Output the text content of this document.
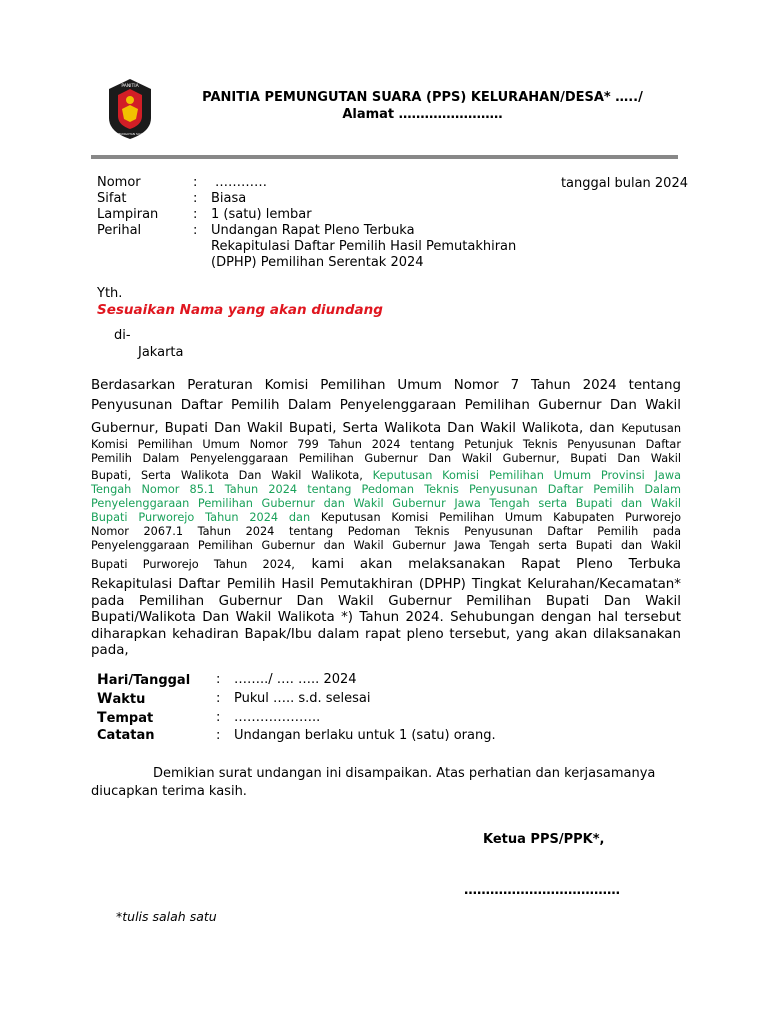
PANITIA
PEMUNGUTAN SUARA
PANITIA PEMUNGUTAN SUARA (PPS) KELURAHAN/DESA* …../
Alamat ……………………
Nomor	: …………	tanggal bulan 2024
Sifat	: Biasa
Lampiran	: 1 (satu) lembar
Perihal	: Undangan Rapat Pleno Terbuka
Rekapitulasi Daftar Pemilih Hasil Pemutakhiran
(DPHP) Pemilihan Serentak 2024
Yth.
Sesuaikan Nama yang akan diundang
di-
Jakarta
Berdasarkan Peraturan Komisi Pemilihan Umum Nomor 7 Tahun 2024 tentang
Penyusunan Daftar Pemilih Dalam Penyelenggaraan Pemilihan Gubernur Dan Wakil
Gubernur, Bupati Dan Wakil Bupati, Serta Walikota Dan Wakil Walikota, dan Keputusan
Komisi Pemilihan Umum Nomor 799 Tahun 2024 tentang Petunjuk Teknis Penyusunan Daftar
Pemilih Dalam Penyelenggaraan Pemilihan Gubernur Dan Wakil Gubernur, Bupati Dan Wakil
Bupati, Serta Walikota Dan Wakil Walikota, Keputusan Komisi Pemilihan Umum Provinsi Jawa
Tengah Nomor 85.1 Tahun 2024 tentang Pedoman Teknis Penyusunan Daftar Pemilih Dalam
Penyelenggaraan Pemilihan Gubernur dan Wakil Gubernur Jawa Tengah serta Bupati dan Wakil
Bupati Purworejo Tahun 2024 dan Keputusan Komisi Pemilihan Umum Kabupaten Purworejo
Nomor 2067.1 Tahun 2024 tentang Pedoman Teknis Penyusunan Daftar Pemilih pada
Penyelenggaraan Pemilihan Gubernur dan Wakil Gubernur Jawa Tengah serta Bupati dan Wakil
Bupati Purworejo Tahun 2024, kami akan melaksanakan Rapat Pleno Terbuka
Rekapitulasi Daftar Pemilih Hasil Pemutakhiran (DPHP) Tingkat Kelurahan/Kecamatan*
pada Pemilihan Gubernur Dan Wakil Gubernur Pemilihan Bupati Dan Wakil
Bupati/Walikota Dan Wakil Walikota *) Tahun 2024. Sehubungan dengan hal tersebut
diharapkan kehadiran Bapak/Ibu dalam rapat pleno tersebut, yang akan dilaksanakan
pada,
Hari/Tanggal : ……../ …. ….. 2024
Waktu	: Pukul ….. s.d. selesai
Tempat	: ………………..
Catatan	: Undangan berlaku untuk 1 (satu) orang.
Demikian surat undangan ini disampaikan. Atas perhatian dan kerjasamanya
diucapkan terima kasih.
Ketua PPS/PPK*,
………………………………
*tulis salah satu
